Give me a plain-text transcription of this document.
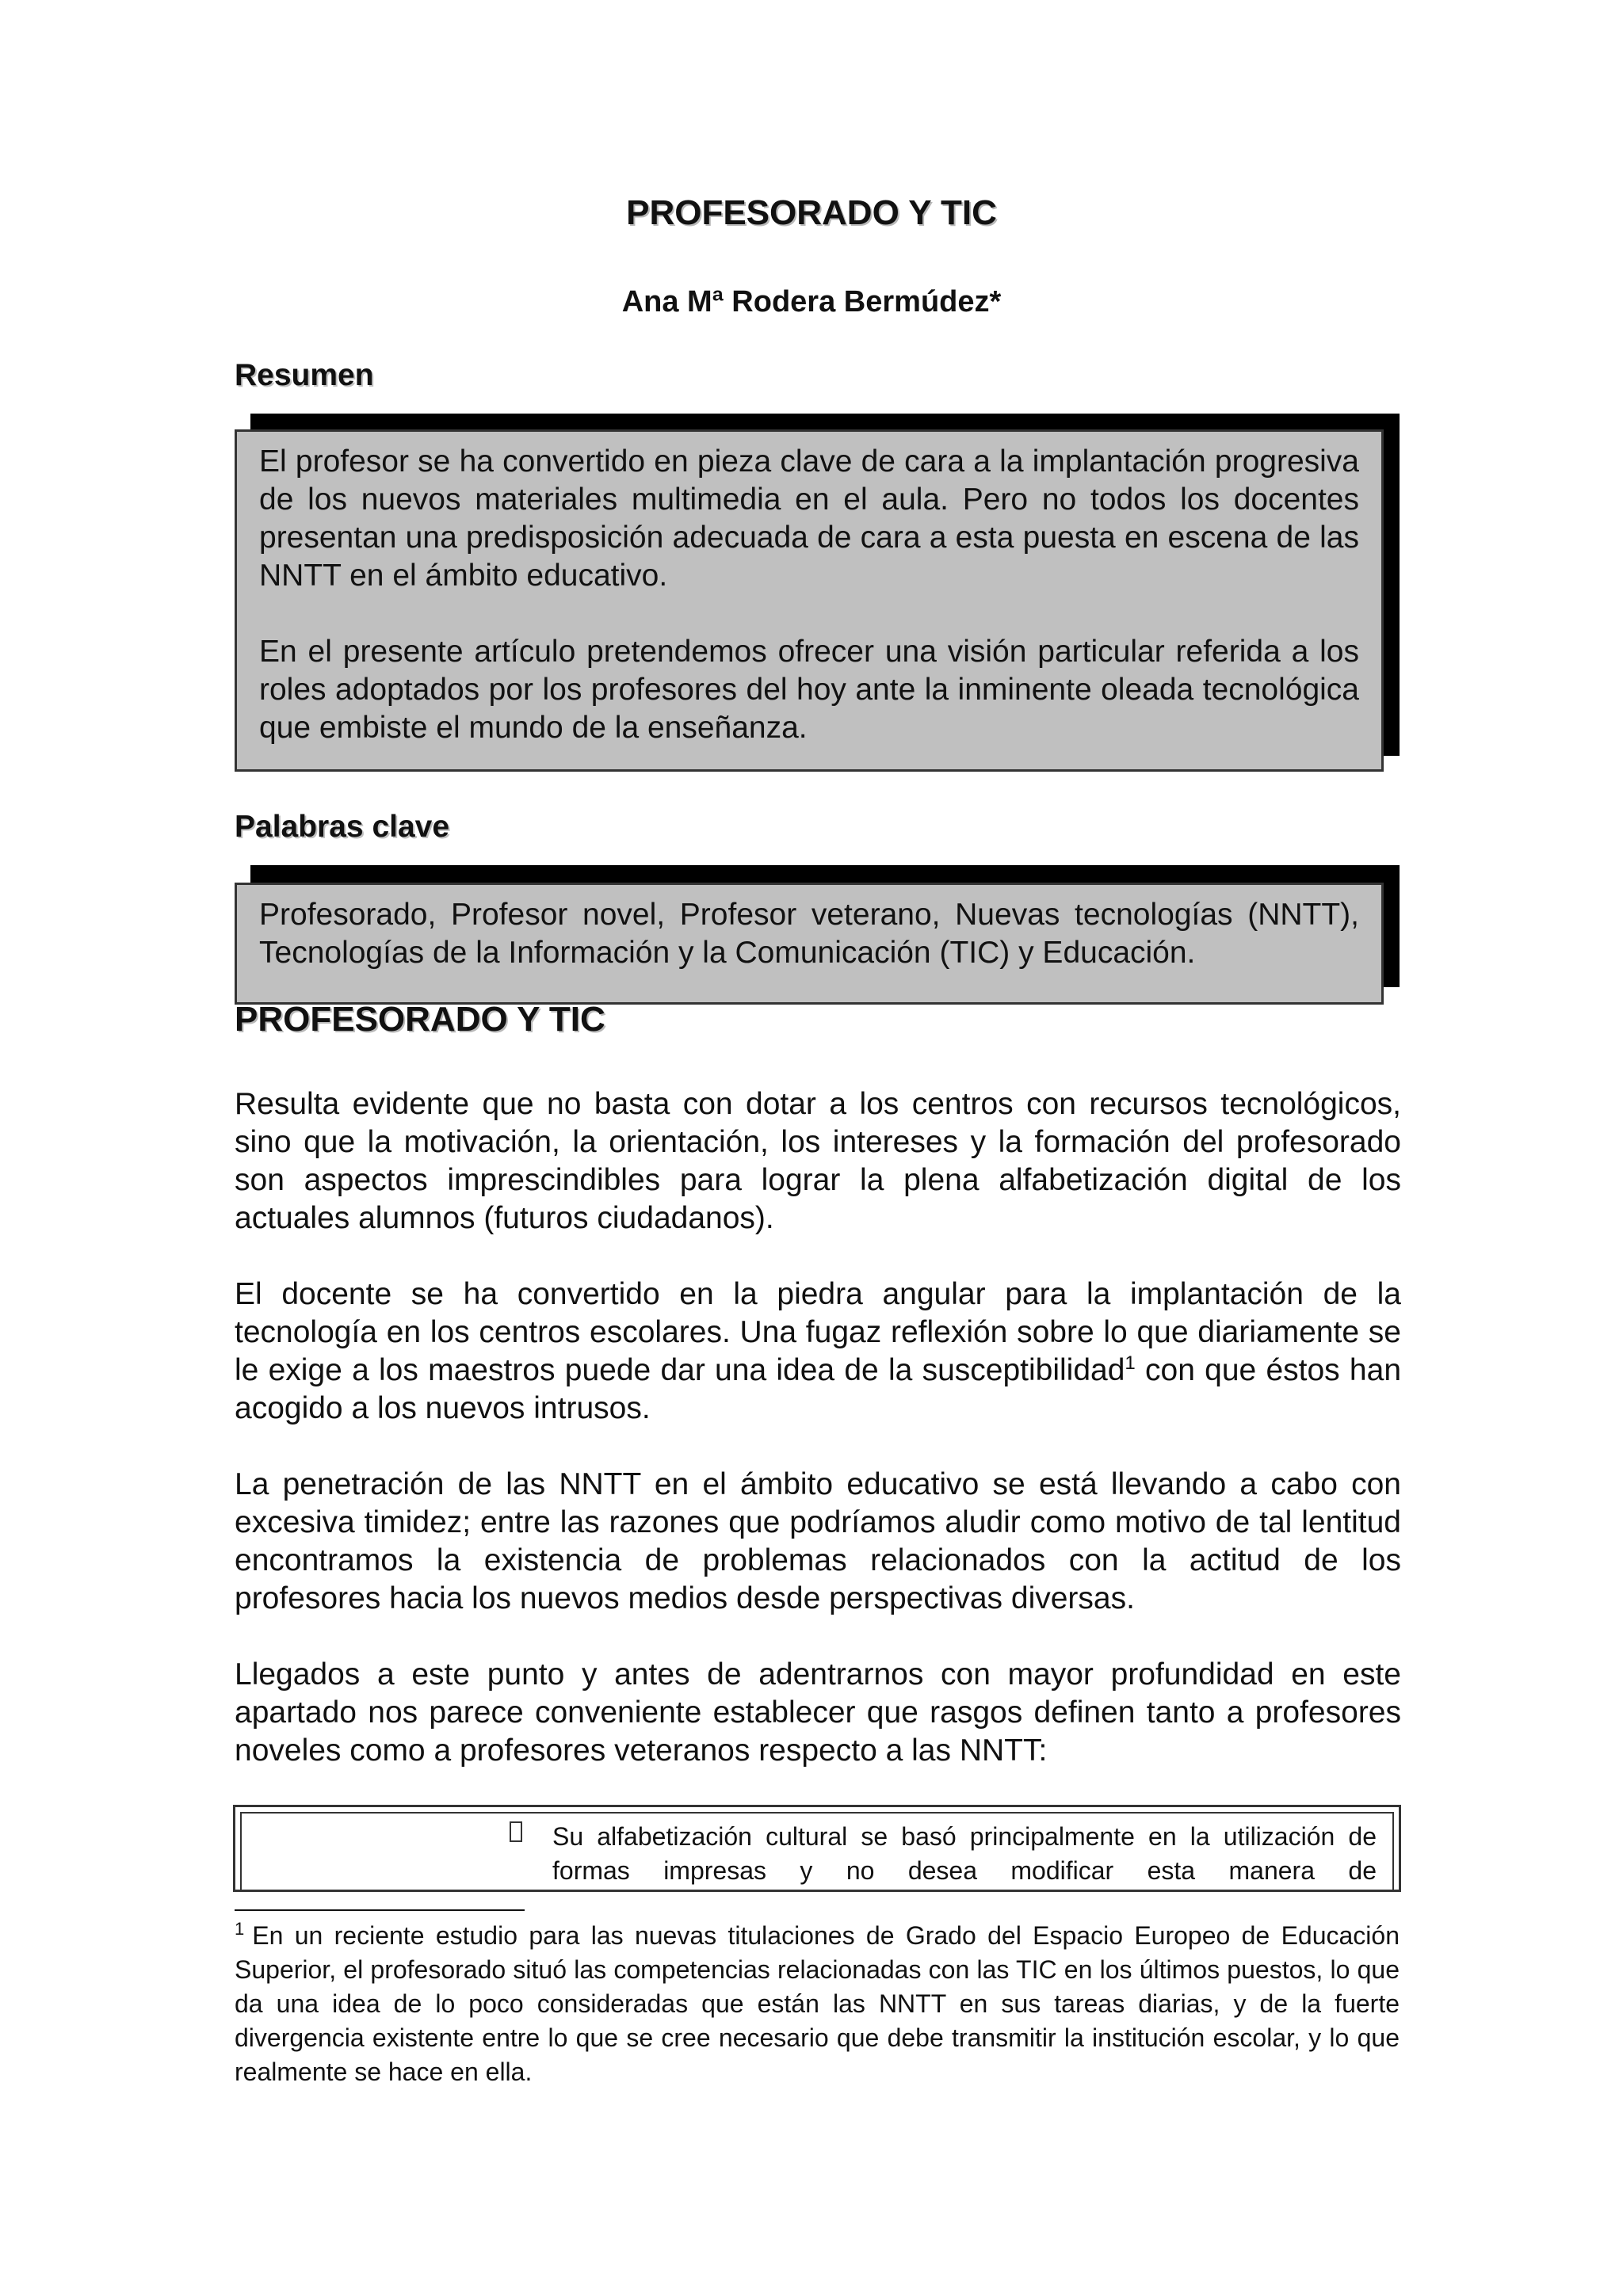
PROFESORADO Y TIC
Ana Mª Rodera Bermúdez*
Resumen

El profesor se ha convertido en pieza clave de cara a la implantación progresiva de los nuevos materiales multimedia en el aula. Pero no todos los docentes presentan una predisposición adecuada de cara a esta puesta en escena de las NNTT en el ámbito educativo.

En el presente artículo pretendemos ofrecer una visión particular referida a los roles adoptados por los profesores del hoy ante la inminente oleada tecnológica que embiste el mundo de la enseñanza.

Palabras clave

Profesorado, Profesor novel, Profesor veterano, Nuevas tecnologías (NNTT), Tecnologías de la Información y la Comunicación (TIC) y Educación.

PROFESORADO Y TIC

Resulta evidente que no basta con dotar a los centros con recursos tecnológicos, sino que la motivación, la orientación, los intereses y la formación del profesorado son aspectos imprescindibles para lograr la plena alfabetización digital de los actuales alumnos (futuros ciudadanos).

El docente se ha convertido en la piedra angular para la implantación de la tecnología en los centros escolares. Una fugaz reflexión sobre lo que diariamente se le exige a los maestros puede dar una idea de la susceptibilidad$^1$ con que éstos han acogido a los nuevos intrusos.

La penetración de las NNTT en el ámbito educativo se está llevando a cabo con excesiva timidez; entre las razones que podríamos aludir como motivo de tal lentitud encontramos la existencia de problemas relacionados con la actitud de los profesores hacia los nuevos medios desde perspectivas diversas.

Llegados a este punto y antes de adentrarnos con mayor profundidad en este apartado nos parece conveniente establecer que rasgos definen tanto a profesores noveles como a profesores veteranos respecto a las NNTT:

Su alfabetización cultural se basó principalmente en la utilización de formas impresas y no desea modificar esta manera de
$^1$ En un reciente estudio para las nuevas titulaciones de Grado del Espacio Europeo de Educación Superior, el profesorado situó las competencias relacionadas con las TIC en los últimos puestos, lo que da una idea de lo poco consideradas que están las NNTT en sus tareas diarias, y de la fuerte divergencia existente entre lo que se cree necesario que debe transmitir la institución escolar, y lo que realmente se hace en ella.
